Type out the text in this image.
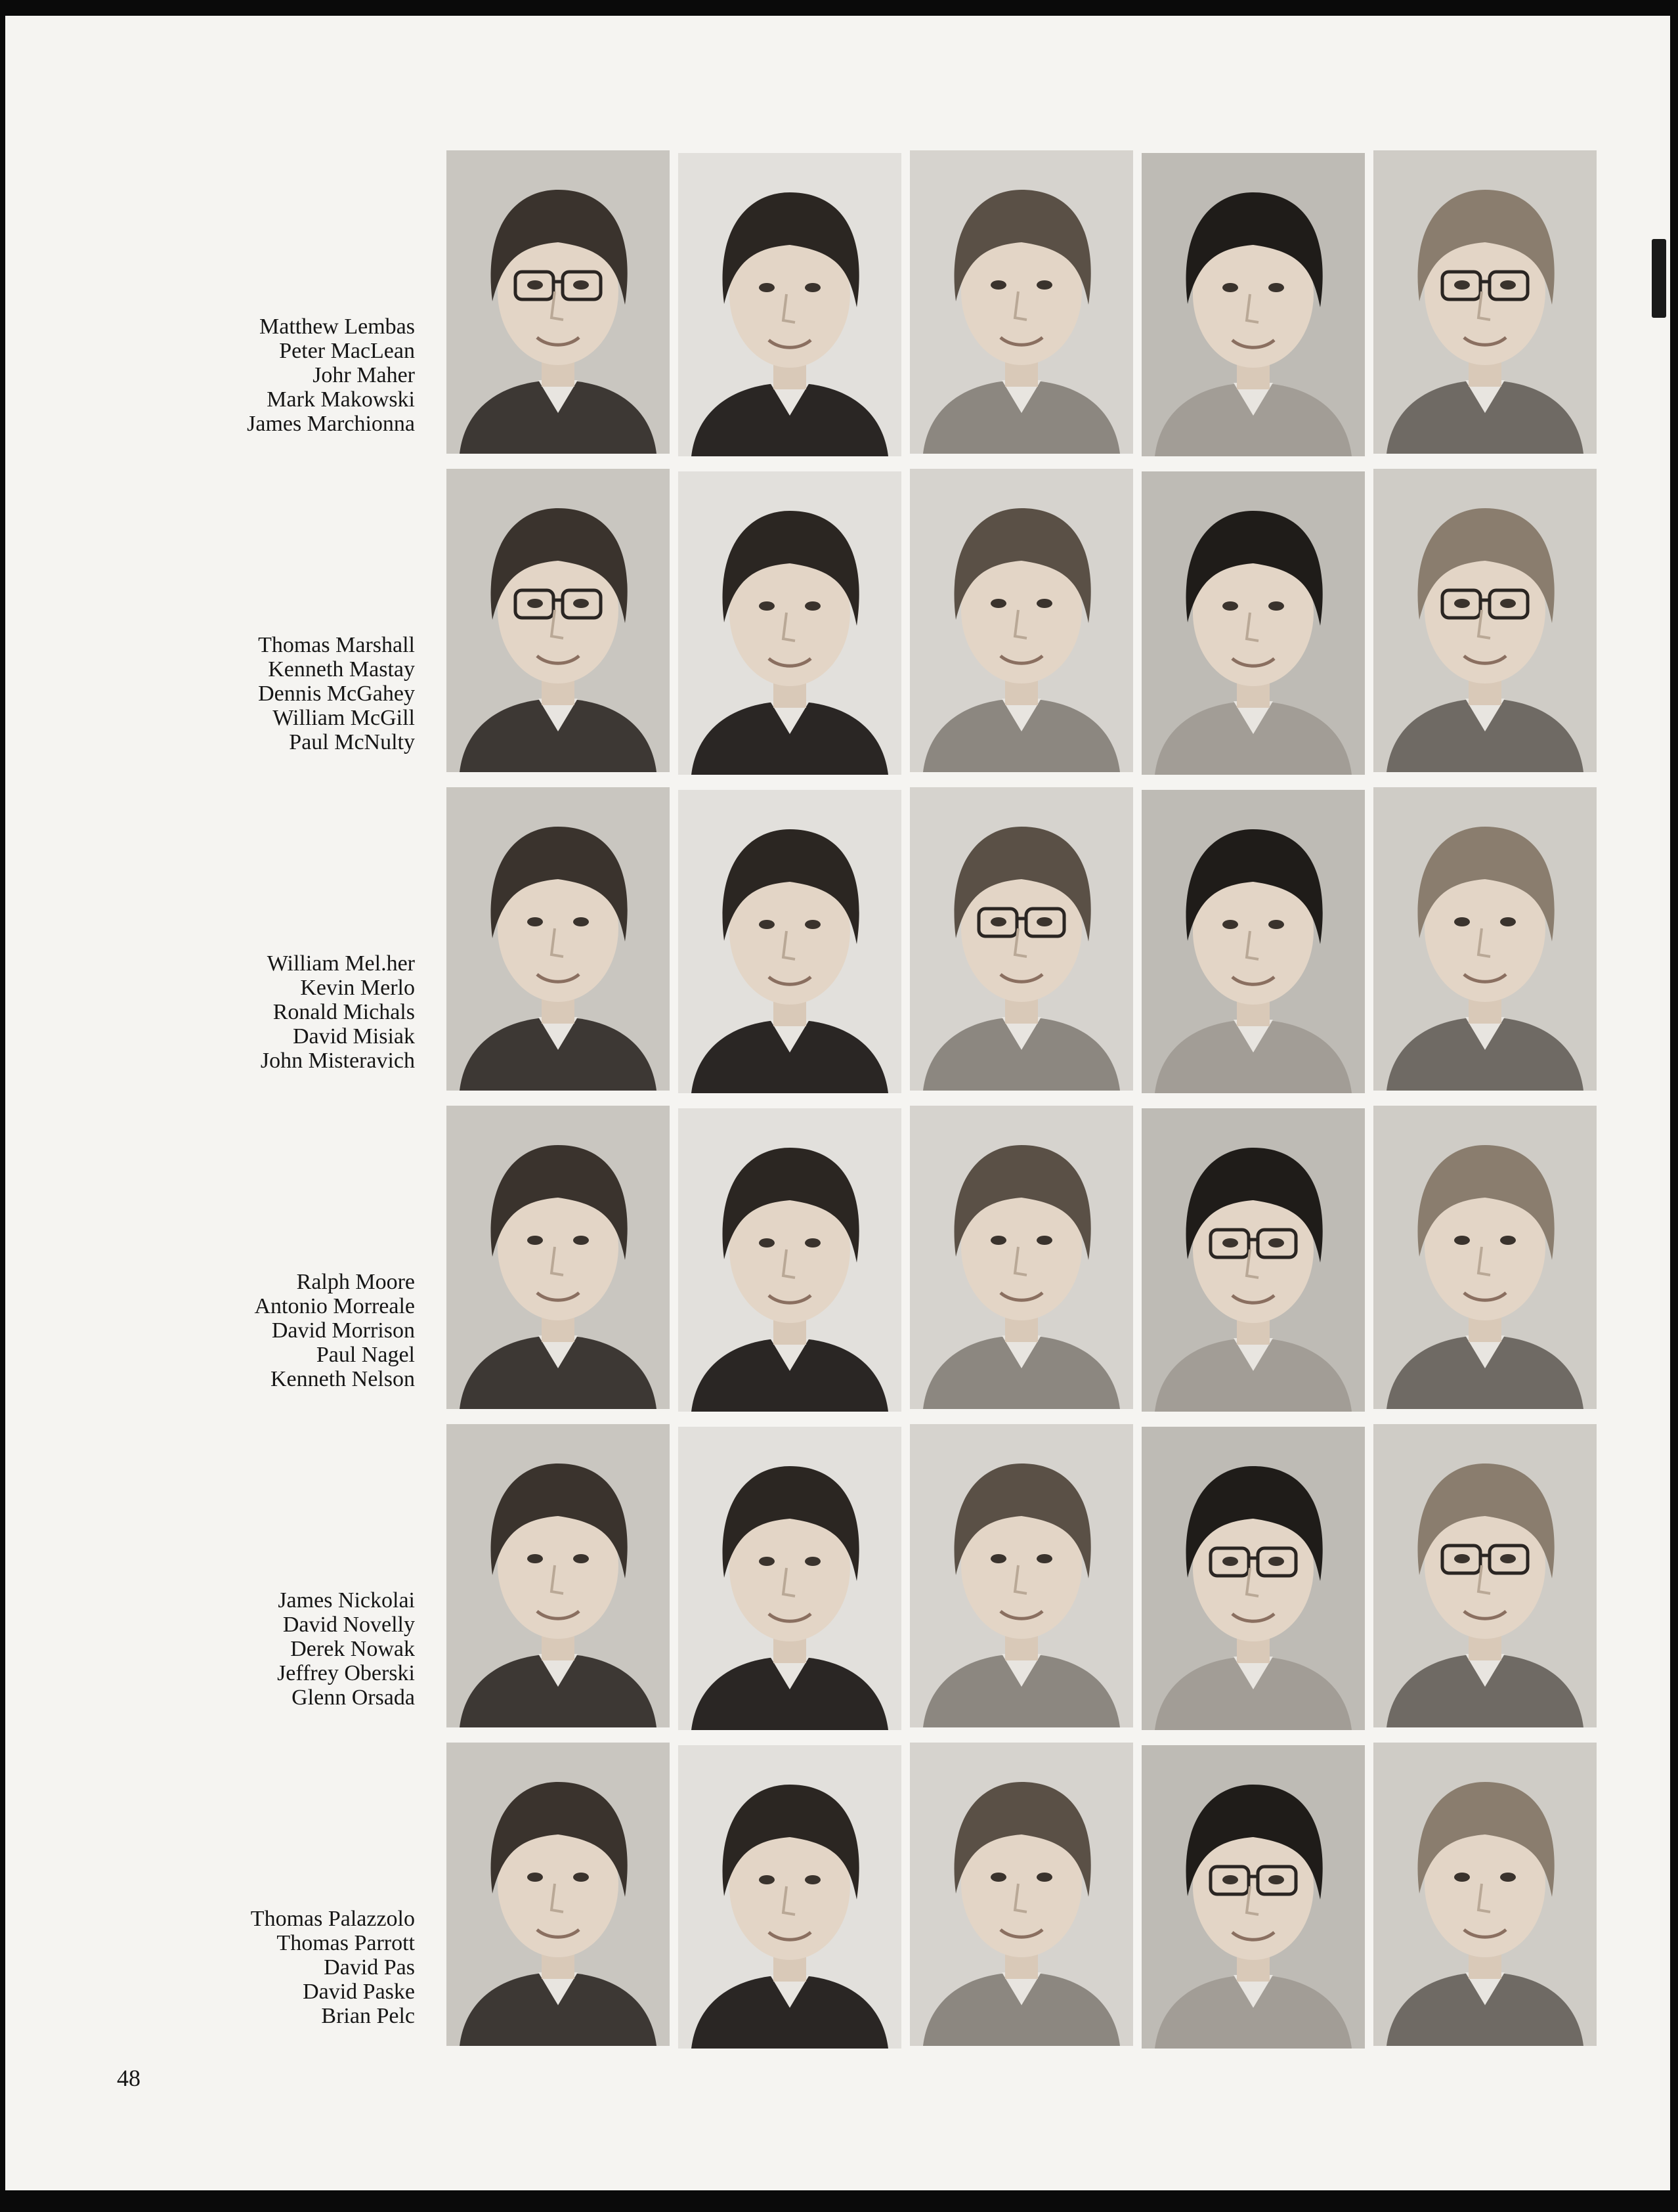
Matthew Lembas
Peter MacLean
Johr Maher
Mark Makowski
James Marchionna
Thomas Marshall
Kenneth Mastay
Dennis McGahey
William McGill
Paul McNulty
William Mel.her
Kevin Merlo
Ronald Michals
David Misiak
John Misteravich
Ralph Moore
Antonio Morreale
David Morrison
Paul Nagel
Kenneth Nelson
James Nickolai
David Novelly
Derek Nowak
Jeffrey Oberski
Glenn Orsada
Thomas Palazzolo
Thomas Parrott
David Pas
David Paske
Brian Pelc
48
